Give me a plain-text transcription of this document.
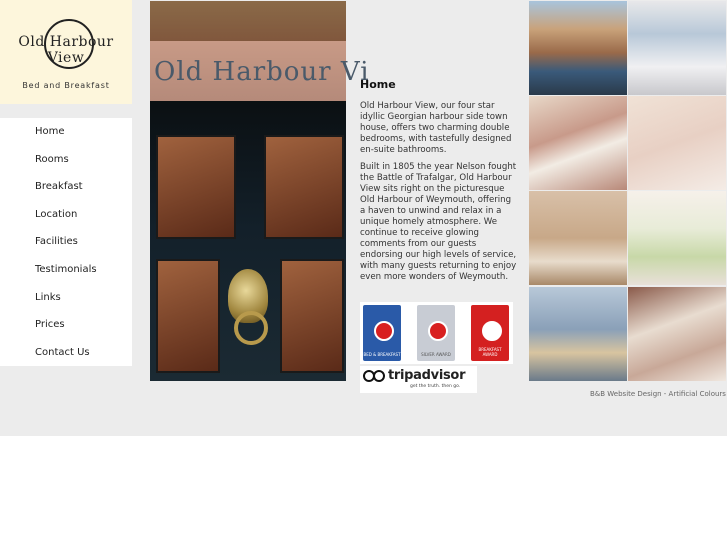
Old Harbour View
Bed and Breakfast
Home
Rooms
Breakfast
Location
Facilities
Testimonials
Links
Prices
Contact Us
Old Harbour Vi
Home

Old Harbour View, our four star idyllic Georgian harbour side town house, offers two charming double bedrooms, with tastefully designed en-suite bathrooms.

Built in 1805 the year Nelson fought the Battle of Trafalgar, Old Harbour View sits right on the picturesque Old Harbour of Weymouth, offering a haven to unwind and relax in a unique homely atmosphere. We continue to receive glowing comments from our guests endorsing our high levels of service, with many guests returning to enjoy even more wonders of Weymouth.

BED & BREAKFAST	SILVER AWARD
BREAKFAST AWARD
tripadvisor
get the truth. then go.
B&B Website Design - Artificial Colours
